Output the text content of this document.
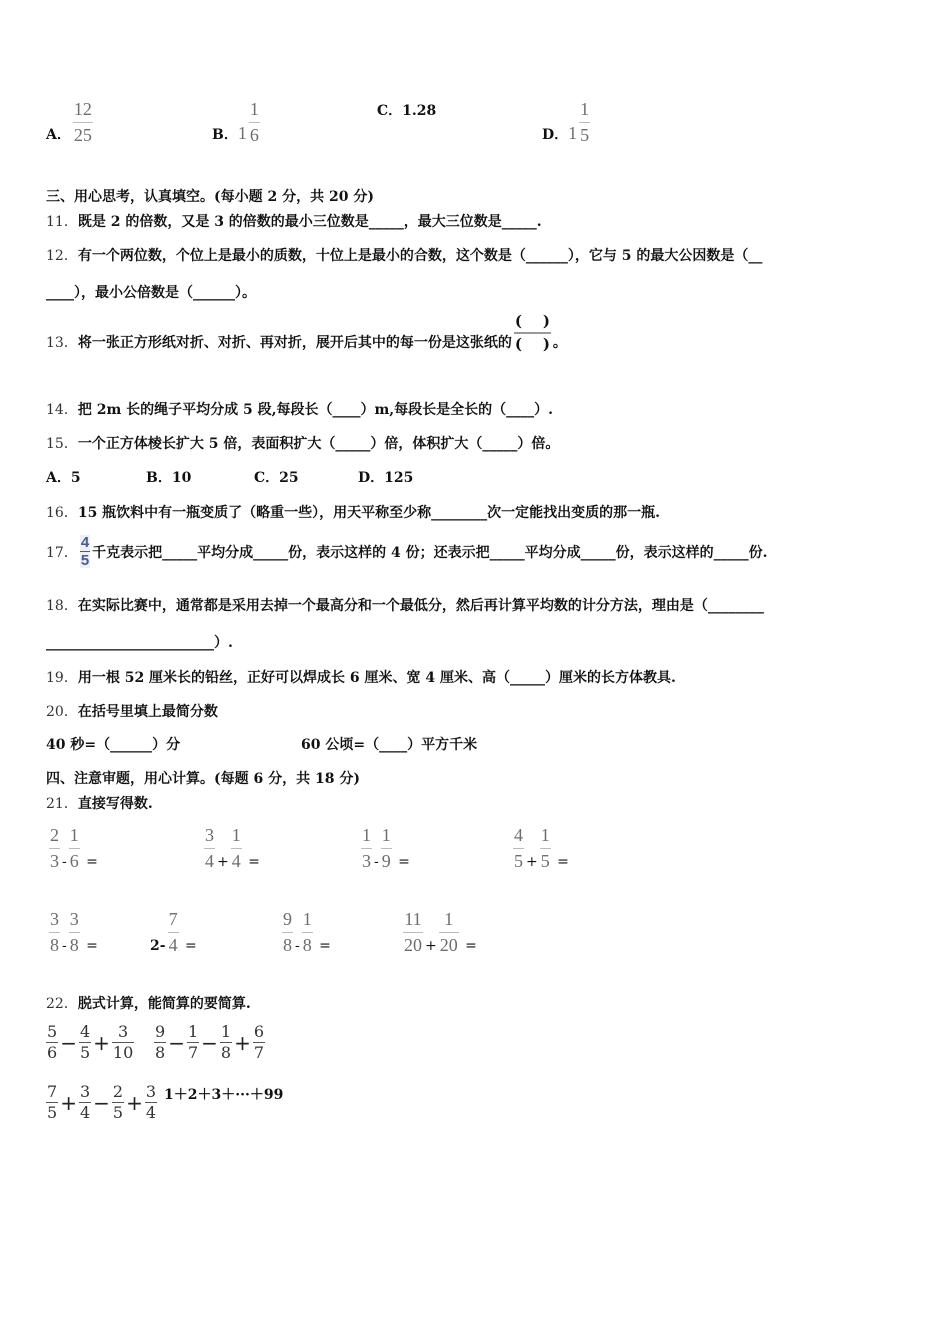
A． $\frac{12}{25}$	B． $1 \frac{1}{6}$	C．1.28
D． $1 \frac{1}{5}$
三、用心思考，认真填空。(每小题 2 分，共 20 分)
11． 既是 2 的倍数，又是 3 的倍数的最小三位数是_____，最大三位数是_____.
12． 有一个两位数，个位上是最小的质数，十位上是最小的合数，这个数是（______），它与 5 的最大公因数是（__
____），最小公倍数是（______）。
13． 将一张正方形纸对折、对折、再对折，展开后其中的每一份是这张纸的 $\frac{( )}{( )}$ 。
14． 把 2m 长的绳子平均分成 5 段,每段长（____）m,每段长是全长的（____）.
15． 一个正方体棱长扩大 5 倍，表面积扩大（_____）倍，体积扩大（_____）倍。
A．5	B．10	C．25	D．125
16． 15 瓶饮料中有一瓶变质了（略重一些），用天平称至少称________次一定能找出变质的那一瓶.
17． $\frac{4}{5}$ 千克表示把_____平均分成_____份，表示这样的 4 份；还表示把_____平均分成_____份，表示这样的_____份.
18． 在实际比赛中，通常都是采用去掉一个最高分和一个最低分，然后再计算平均数的计分方法，理由是（________
________________________）.
19． 用一根 52 厘米长的铅丝，正好可以焊成长 6 厘米、宽 4 厘米、高（_____）厘米的长方体教具.
20． 在括号里填上最简分数
40 秒=（______）分	60 公顷=（____）平方千米
四、注意审题，用心计算。(每题 6 分，共 18 分)
21． 直接写得数.
$\frac{2}{3} - \frac{1}{6}$ =	$\frac{3}{4} + \frac{1}{4}$ =	$\frac{1}{3} - \frac{1}{9}$ =	$\frac{4}{5} + \frac{1}{5}$ =
$\frac{3}{8} - \frac{3}{8}$ =	$2- \frac{7}{4}$ =	$\frac{9}{8} - \frac{1}{8}$ =	$\frac{11}{20} + \frac{1}{20}$ =
22． 脱式计算，能简算的要简算.
$\frac{5}{6} - \frac{4}{5} + \frac{3}{10} \frac{9}{8} - \frac{1}{7} - \frac{1}{8} + \frac{6}{7}$
$\frac{7}{5} + \frac{3}{4} - \frac{2}{5} + \frac{3}{4} 1+2+3+\cdot\cdot\cdot+99$
